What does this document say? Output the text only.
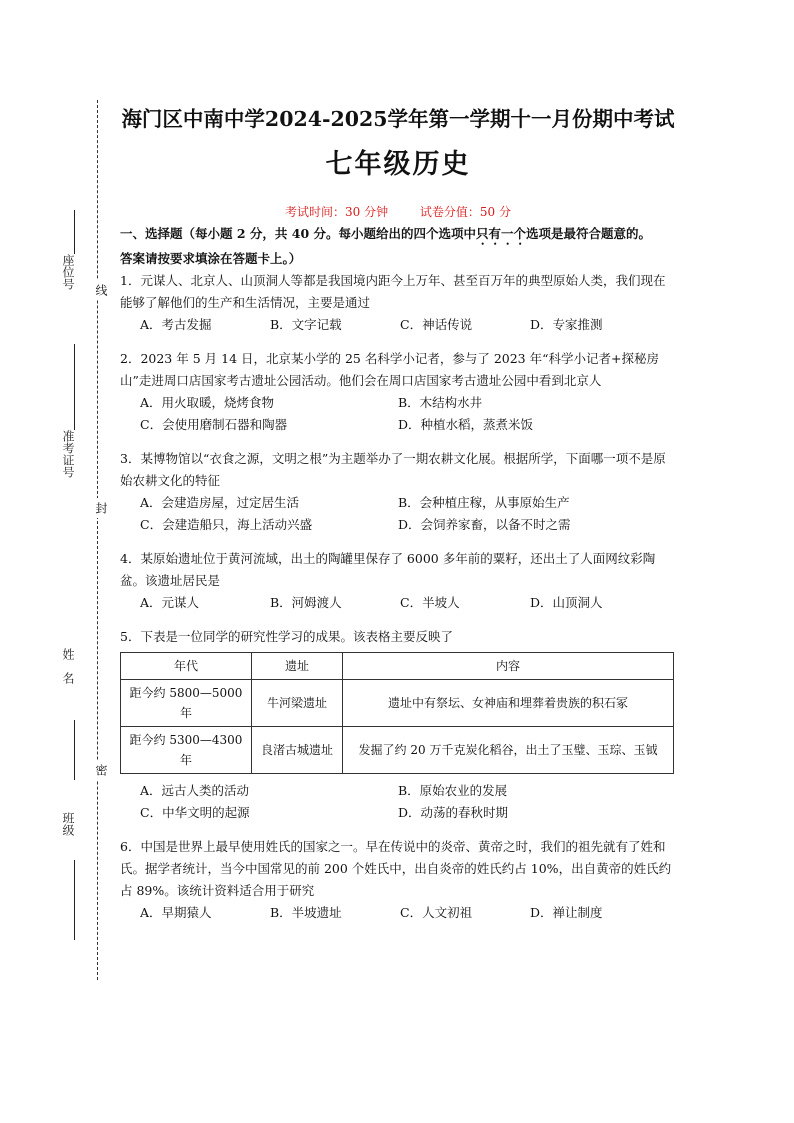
座位号 线
准考证号
封
姓　名
密
班级
海门区中南中学2024-2025学年第一学期十一月份期中考试
七年级历史
考试时间：30 分钟	试卷分值：50 分
一、选择题（每小题 2 分，共 40 分。每小题给出的四个选项中只有一个选项是最符合题意的。
答案请按要求填涂在答题卡上。）
1．元谋人、北京人、山顶洞人等都是我国境内距今上万年、甚至百万年的典型原始人类，我们现在能够了解他们的生产和生活情况，主要是通过
A．考古发掘	B．文字记载	C．神话传说	D．专家推测
2．2023 年 5 月 14 日，北京某小学的 25 名科学小记者，参与了 2023 年“科学小记者+探秘房山”走进周口店国家考古遗址公园活动。他们会在周口店国家考古遗址公园中看到北京人
A．用火取暖，烧烤食物	B．木结构水井
C．会使用磨制石器和陶器	D．种植水稻，蒸煮米饭
3．某博物馆以“衣食之源，文明之根”为主题举办了一期农耕文化展。根据所学，下面哪一项不是原始农耕文化的特征
A．会建造房屋，过定居生活	B．会种植庄稼，从事原始生产
C．会建造船只，海上活动兴盛	D．会饲养家畜，以备不时之需
4．某原始遗址位于黄河流域，出土的陶罐里保存了 6000 多年前的粟籽，还出土了人面网纹彩陶盆。该遗址居民是
A．元谋人	B．河姆渡人	C．半坡人	D．山顶洞人
5．下表是一位同学的研究性学习的成果。该表格主要反映了
年代	遗址	内容
距今约 5800—5000 年	牛河梁遗址	遗址中有祭坛、女神庙和埋葬着贵族的积石冢
距今约 5300—4300 年	良渚古城遗址	发掘了约 20 万千克炭化稻谷，出土了玉璧、玉琮、玉钺
A．远古人类的活动	B．原始农业的发展
C．中华文明的起源	D．动荡的春秋时期
6．中国是世界上最早使用姓氏的国家之一。早在传说中的炎帝、黄帝之时，我们的祖先就有了姓和氏。据学者统计，当今中国常见的前 200 个姓氏中，出自炎帝的姓氏约占 10%，出自黄帝的姓氏约占 89%。该统计资料适合用于研究
A．早期猿人	B．半坡遗址	C．人文初祖	D．禅让制度
